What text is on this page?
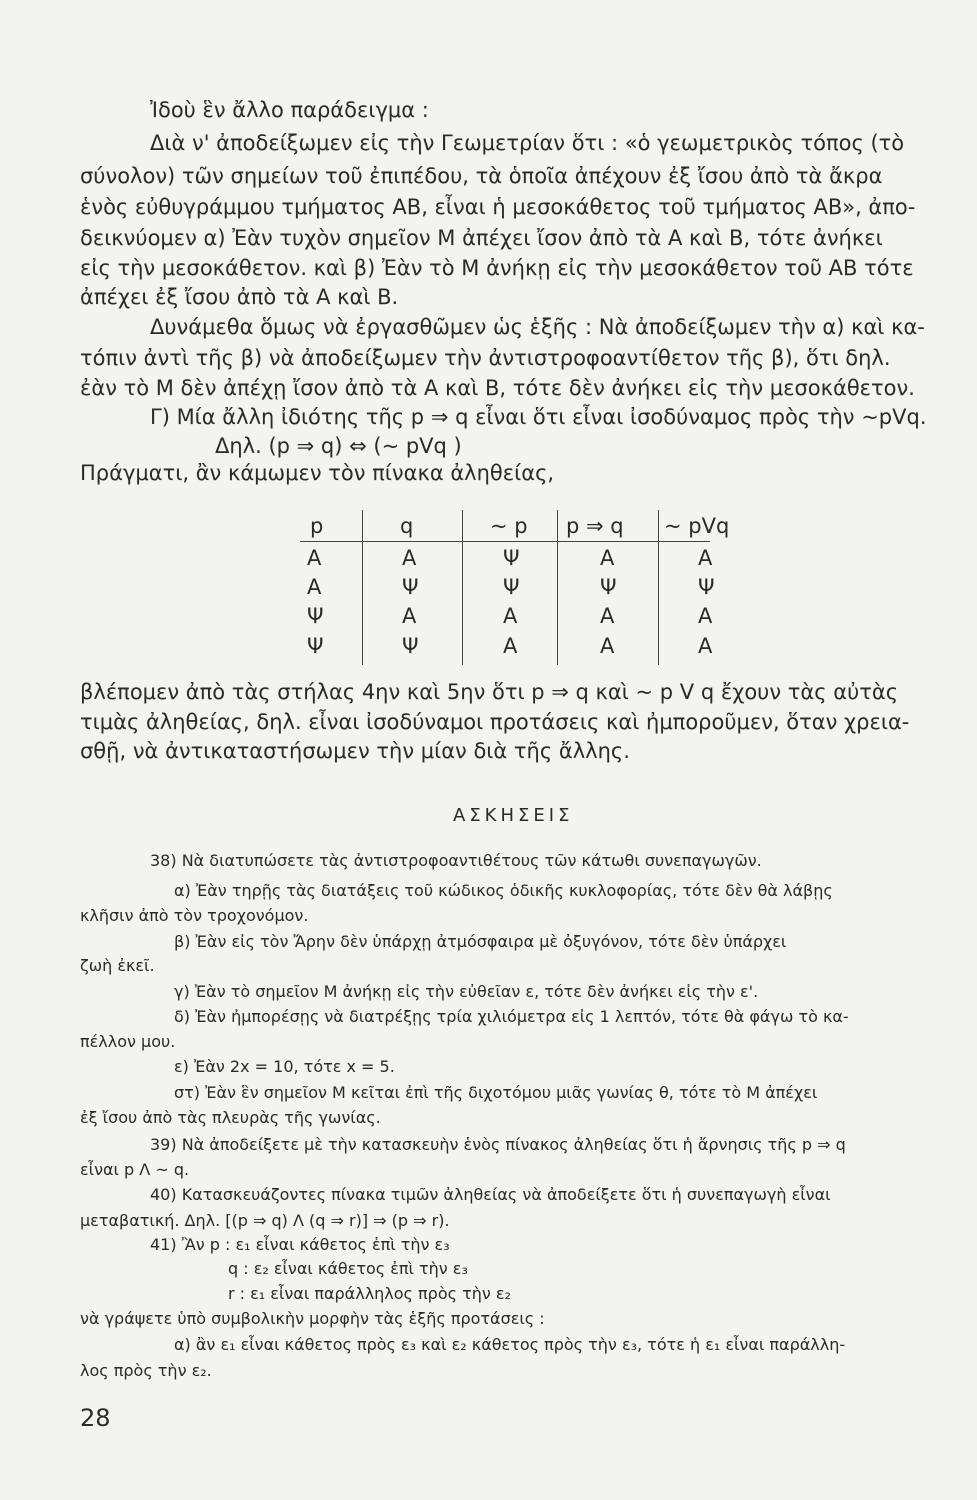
Ἰδοὺ ἓν ἄλλο παράδειγμα :
Διὰ ν' ἀποδείξωμεν εἰς τὴν Γεωμετρίαν ὅτι : «ὁ γεωμετρικὸς τόπος (τὸ
σύνολον) τῶν σημείων τοῦ ἐπιπέδου, τὰ ὁποῖα ἀπέχουν ἐξ ἴσου ἀπὸ τὰ ἄκρα
ἑνὸς εὐθυγράμμου τμήματος ΑΒ, εἶναι ἡ μεσοκάθετος τοῦ τμήματος ΑΒ», ἀπο-
δεικνύομεν α) Ἐὰν τυχὸν σημεῖον Μ ἀπέχει ἴσον ἀπὸ τὰ Α καὶ Β, τότε ἀνήκει
εἰς τὴν μεσοκάθετον. καὶ β) Ἐὰν τὸ Μ ἀνήκῃ εἰς τὴν μεσοκάθετον τοῦ ΑΒ τότε
ἀπέχει ἐξ ἴσου ἀπὸ τὰ Α καὶ Β.
Δυνάμεθα ὅμως νὰ ἐργασθῶμεν ὡς ἑξῆς : Νὰ ἀποδείξωμεν τὴν α) καὶ κα-
τόπιν ἀντὶ τῆς β) νὰ ἀποδείξωμεν τὴν ἀντιστροφοαντίθετον τῆς β), ὅτι δηλ.
ἐὰν τὸ Μ δὲν ἀπέχῃ ἴσον ἀπὸ τὰ Α καὶ Β, τότε δὲν ἀνήκει εἰς τὴν μεσοκάθετον.
Γ) Μία ἄλλη ἰδιότης τῆς p ⇒ q εἶναι ὅτι εἶναι ἰσοδύναμος πρὸς τὴν ~pVq.
Δηλ. (p ⇒ q) ⇔ (~ pVq )
Πράγματι, ἂν κάμωμεν τὸν πίνακα ἀληθείας,
p	q	~ p	p ⇒ q	~ pVq
Α	Α	Ψ	Α	Α
Α	Ψ	Ψ	Ψ	Ψ
Ψ	Α	Α	Α	Α
Ψ	Ψ	Α	Α	Α
βλέπομεν ἀπὸ τὰς στήλας 4ην καὶ 5ην ὅτι p ⇒ q καὶ ~ p V q ἔχουν τὰς αὐτὰς
τιμὰς ἀληθείας, δηλ. εἶναι ἰσοδύναμοι προτάσεις καὶ ἠμποροῦμεν, ὅταν χρεια-
σθῇ, νὰ ἀντικαταστήσωμεν τὴν μίαν διὰ τῆς ἄλλης.
ΑΣΚΗΣΕΙΣ
38) Νὰ διατυπώσετε τὰς ἀντιστροφοαντιθέτους τῶν κάτωθι συνεπαγωγῶν.
α) Ἐὰν τηρῇς τὰς διατάξεις τοῦ κώδικος ὁδικῆς κυκλοφορίας, τότε δὲν θὰ λάβῃς
κλῆσιν ἀπὸ τὸν τροχονόμον.
β) Ἐὰν εἰς τὸν Ἄρην δὲν ὑπάρχῃ ἀτμόσφαιρα μὲ ὀξυγόνον, τότε δὲν ὑπάρχει
ζωὴ ἐκεῖ.
γ) Ἐὰν τὸ σημεῖον Μ ἀνήκῃ εἰς τὴν εὐθεῖαν ε, τότε δὲν ἀνήκει εἰς τὴν ε'.
δ) Ἐὰν ἠμπορέσῃς νὰ διατρέξῃς τρία χιλιόμετρα εἰς 1 λεπτόν, τότε θὰ φάγω τὸ κα-
πέλλον μου.
ε) Ἐὰν 2x = 10, τότε x = 5.
στ) Ἐὰν ἓν σημεῖον Μ κεῖται ἐπὶ τῆς διχοτόμου μιᾶς γωνίας θ, τότε τὸ Μ ἀπέχει
ἐξ ἴσου ἀπὸ τὰς πλευρὰς τῆς γωνίας.
39) Νὰ ἀποδείξετε μὲ τὴν κατασκευὴν ἑνὸς πίνακος ἀληθείας ὅτι ἡ ἄρνησις τῆς p ⇒ q
εἶναι p Λ ~ q.
40) Κατασκευάζοντες πίνακα τιμῶν ἀληθείας νὰ ἀποδείξετε ὅτι ἡ συνεπαγωγὴ εἶναι
μεταβατική. Δηλ. [(p ⇒ q) Λ (q ⇒ r)] ⇒ (p ⇒ r).
41) Ἂν p : ε₁ εἶναι κάθετος ἐπὶ τὴν ε₃
q : ε₂ εἶναι κάθετος ἐπὶ τὴν ε₃
r : ε₁ εἶναι παράλληλος πρὸς τὴν ε₂
νὰ γράψετε ὑπὸ συμβολικὴν μορφὴν τὰς ἑξῆς προτάσεις :
α) ἂν ε₁ εἶναι κάθετος πρὸς ε₃ καὶ ε₂ κάθετος πρὸς τὴν ε₃, τότε ἡ ε₁ εἶναι παράλλη-
λος πρὸς τὴν ε₂.
28
